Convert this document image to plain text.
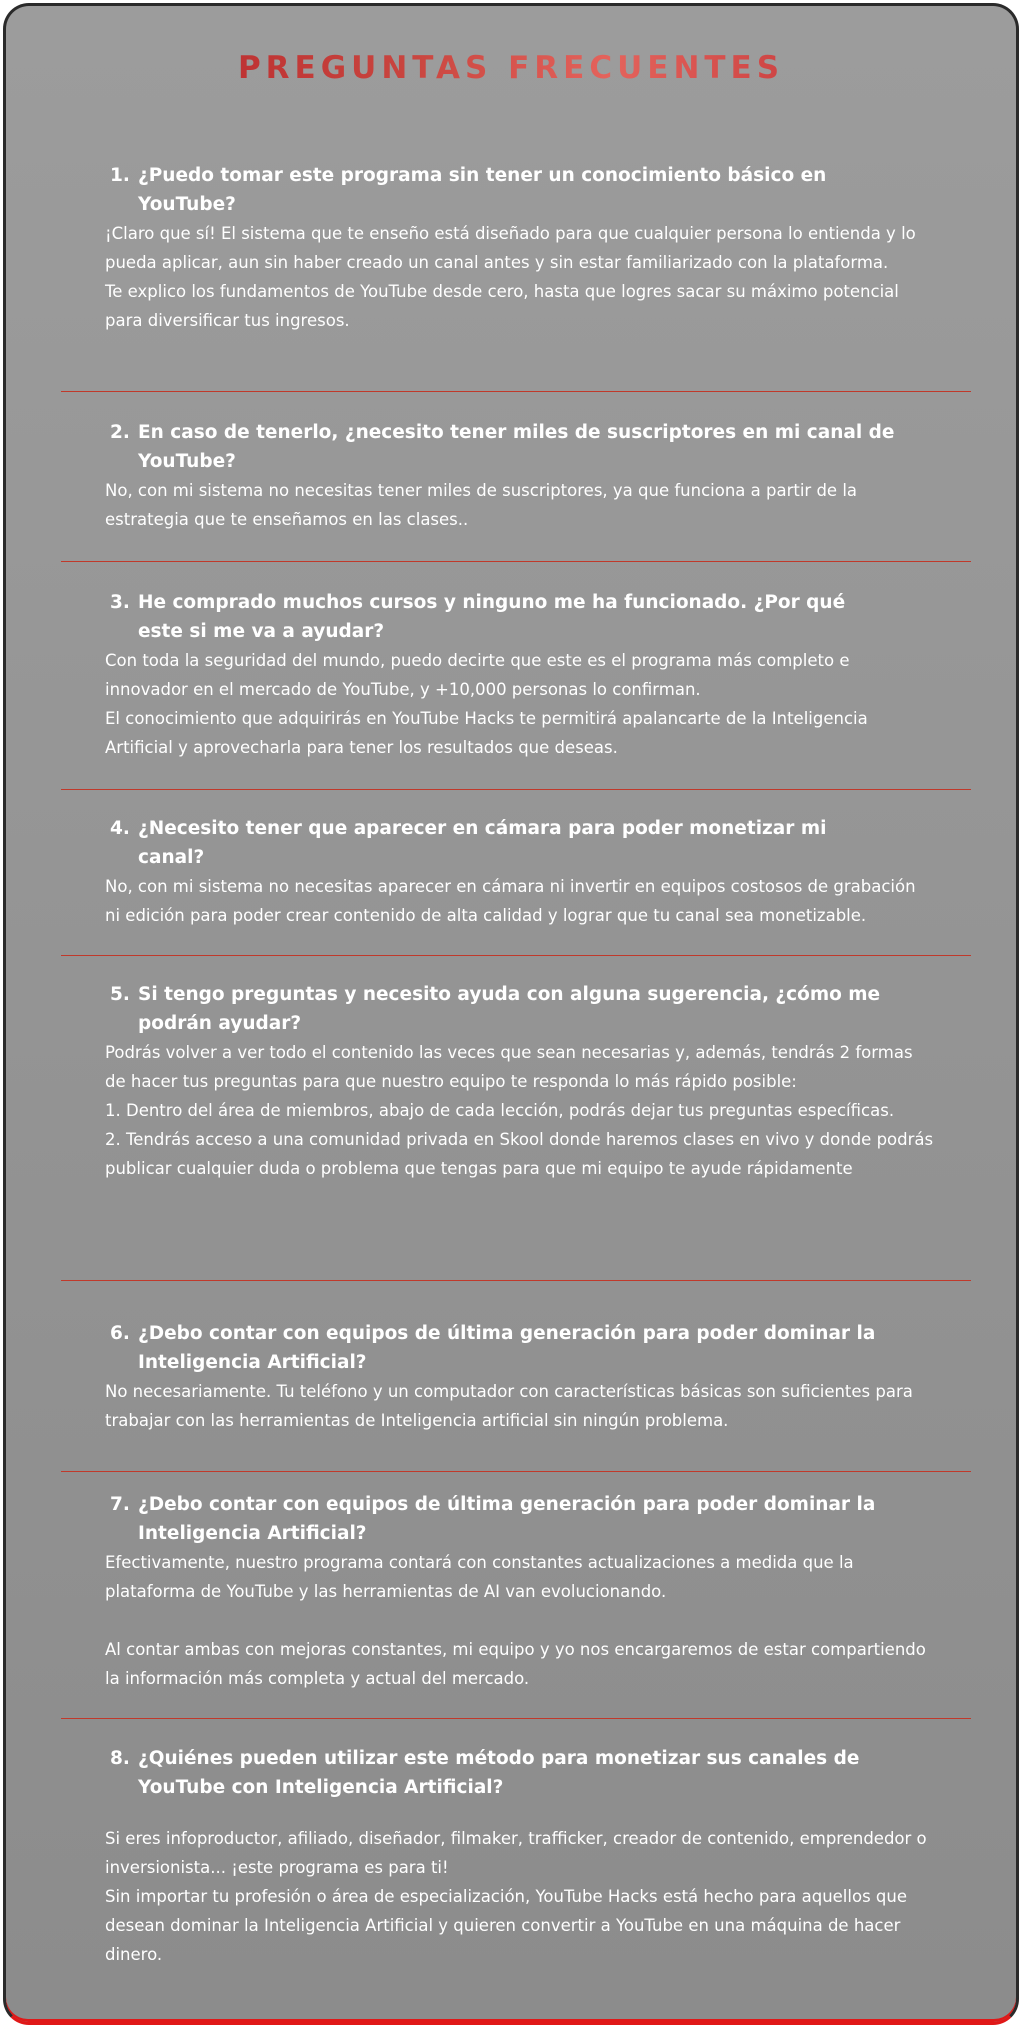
PREGUNTAS FRECUENTES
1. ¿Puedo tomar este programa sin tener un conocimiento básico en YouTube?

¡Claro que sí! El sistema que te enseño está diseñado para que cualquier persona lo entienda y lo pueda aplicar, aun sin haber creado un canal antes y sin estar familiarizado con la plataforma.
Te explico los fundamentos de YouTube desde cero, hasta que logres sacar su máximo potencial para diversificar tus ingresos.

2. En caso de tenerlo, ¿necesito tener miles de suscriptores en mi canal de YouTube?

No, con mi sistema no necesitas tener miles de suscriptores, ya que funciona a partir de la estrategia que te enseñamos en las clases..

3. He comprado muchos cursos y ninguno me ha funcionado. ¿Por qué este si me va a ayudar?

Con toda la seguridad del mundo, puedo decirte que este es el programa más completo e innovador en el mercado de YouTube, y +10,000 personas lo confirman.
El conocimiento que adquirirás en YouTube Hacks te permitirá apalancarte de la Inteligencia Artificial y aprovecharla para tener los resultados que deseas.

4. ¿Necesito tener que aparecer en cámara para poder monetizar mi canal?

No, con mi sistema no necesitas aparecer en cámara ni invertir en equipos costosos de grabación ni edición para poder crear contenido de alta calidad y lograr que tu canal sea monetizable.

5. Si tengo preguntas y necesito ayuda con alguna sugerencia, ¿cómo me podrán ayudar?

Podrás volver a ver todo el contenido las veces que sean necesarias y, además, tendrás 2 formas de hacer tus preguntas para que nuestro equipo te responda lo más rápido posible:
1. Dentro del área de miembros, abajo de cada lección, podrás dejar tus preguntas específicas.
2. Tendrás acceso a una comunidad privada en Skool donde haremos clases en vivo y donde podrás publicar cualquier duda o problema que tengas para que mi equipo te ayude rápidamente

6. ¿Debo contar con equipos de última generación para poder dominar la Inteligencia Artificial?

No necesariamente. Tu teléfono y un computador con características básicas son suficientes para trabajar con las herramientas de Inteligencia artificial sin ningún problema.

7. ¿Debo contar con equipos de última generación para poder dominar la Inteligencia Artificial?

Efectivamente, nuestro programa contará con constantes actualizaciones a medida que la plataforma de YouTube y las herramientas de AI van evolucionando.

Al contar ambas con mejoras constantes, mi equipo y yo nos encargaremos de estar compartiendo la información más completa y actual del mercado.

8. ¿Quiénes pueden utilizar este método para monetizar sus canales de YouTube con Inteligencia Artificial?

Si eres infoproductor, afiliado, diseñador, filmaker, trafficker, creador de contenido, emprendedor o inversionista... ¡este programa es para ti!
Sin importar tu profesión o área de especialización, YouTube Hacks está hecho para aquellos que desean dominar la Inteligencia Artificial y quieren convertir a YouTube en una máquina de hacer dinero.
